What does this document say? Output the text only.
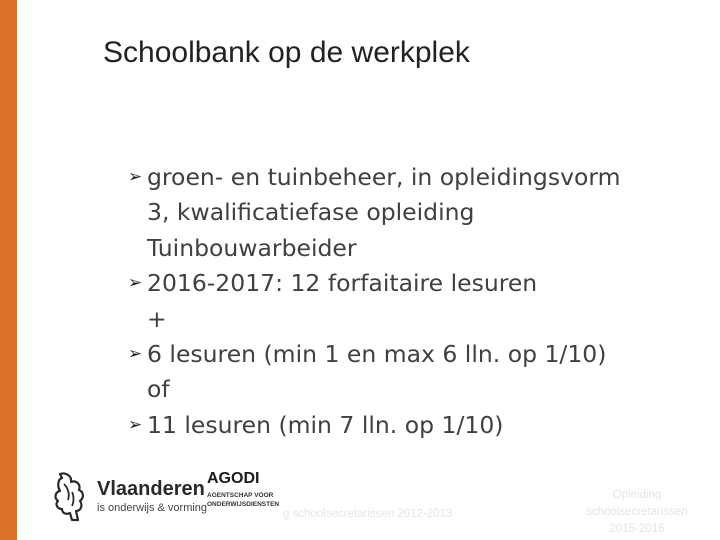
Schoolbank op de werkplek
➢ groen- en tuinbeheer, in opleidingsvorm
3, kwalificatiefase opleiding
Tuinbouwarbeider
➢ 2016-2017: 12 forfaitaire lesuren
+
➢ 6 lesuren (min 1 en max 6 lln. op 1/10)
of
➢ 11 lesuren (min 7 lln. op 1/10)
Vlaanderen
is onderwijs & vorming
AGODI
AGENTSCHAP VOOR
ONDERWIJSDIENSTEN
g schoolsecretarissen 2012-2013
Opleiding
schoolsecretarissen
2015-2016
